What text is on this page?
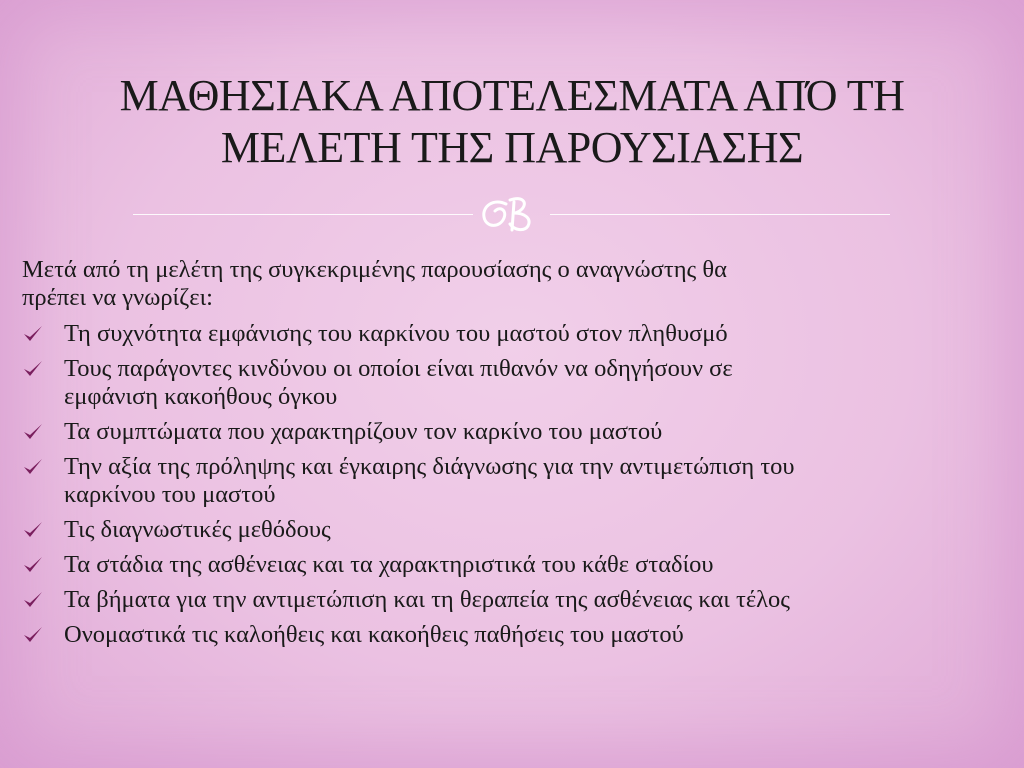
ΜΑΘΗΣΙΑΚΑ ΑΠΟΤΕΛΕΣΜΑΤΑ ΑΠΌ ΤΗ
ΜΕΛΕΤΗ ΤΗΣ ΠΑΡΟΥΣΙΑΣΗΣ
Μετά από τη μελέτη της συγκεκριμένης παρουσίασης ο αναγνώστης θα
πρέπει να γνωρίζει:
Τη συχνότητα εμφάνισης του καρκίνου του μαστού στον πληθυσμό
Τους παράγοντες κινδύνου οι οποίοι είναι πιθανόν να οδηγήσουν σε
εμφάνιση κακοήθους όγκου
Τα συμπτώματα που χαρακτηρίζουν τον καρκίνο του μαστού
Την αξία της πρόληψης και έγκαιρης διάγνωσης για την αντιμετώπιση του
καρκίνου του μαστού
Τις διαγνωστικές μεθόδους
Τα στάδια της ασθένειας και τα χαρακτηριστικά του κάθε σταδίου
Τα βήματα για την αντιμετώπιση και τη θεραπεία της ασθένειας και τέλος
Ονομαστικά τις καλοήθεις και κακοήθεις παθήσεις του μαστού
